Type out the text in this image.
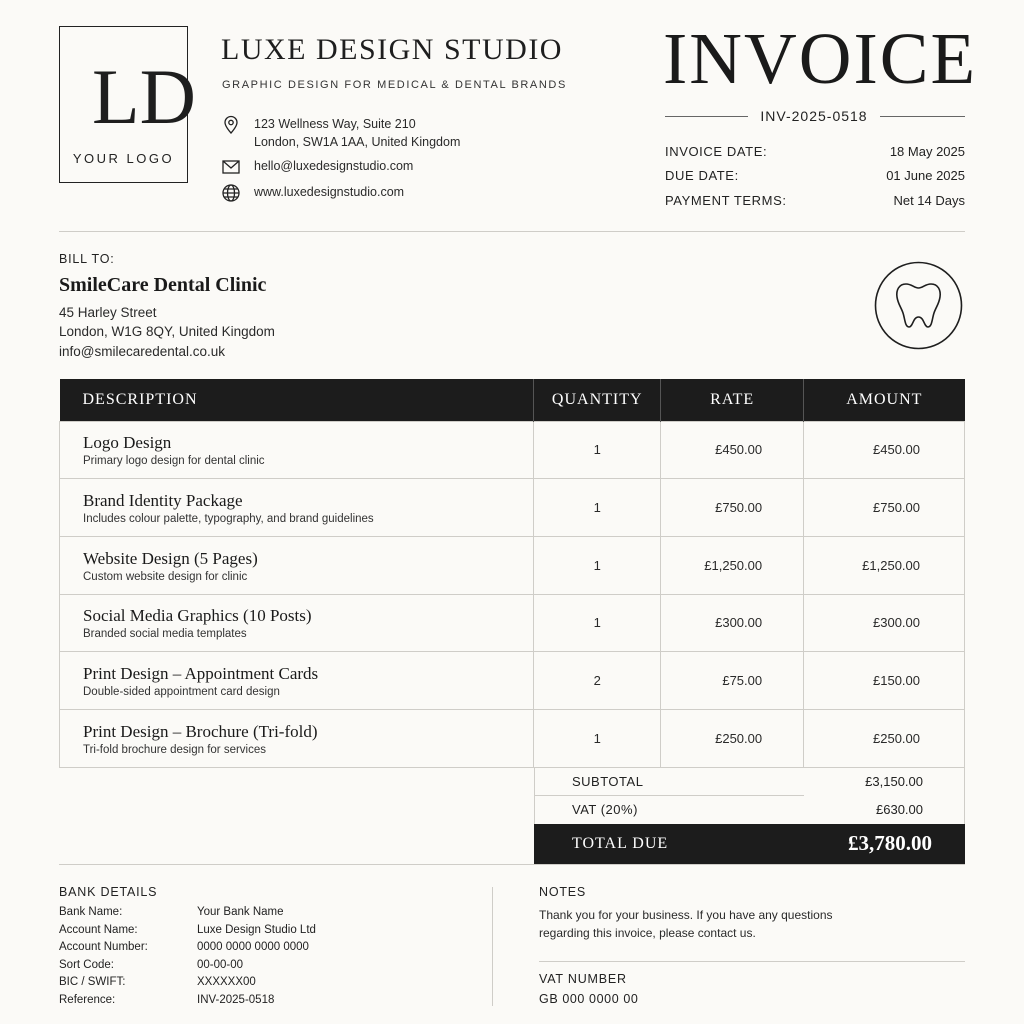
LD
YOUR LOGO
LUXE DESIGN STUDIO
GRAPHIC DESIGN FOR MEDICAL & DENTAL BRANDS
123 Wellness Way, Suite 210
London, SW1A 1AA, United Kingdom
hello@luxedesignstudio.com
www.luxedesignstudio.com
INVOICE
INV-2025-0518
INVOICE DATE:	18 May 2025
DUE DATE:	01 June 2025
PAYMENT TERMS:	Net 14 Days
BILL TO:
SmileCare Dental Clinic
45 Harley Street
London, W1G 8QY, United Kingdom
info@smilecaredental.co.uk
DESCRIPTION	QUANTITY	RATE	AMOUNT

Logo Design
Primary logo design for dental clinic	1	£450.00	£450.00

Brand Identity Package
Includes colour palette, typography, and brand guidelines	1	£750.00	£750.00

Website Design (5 Pages)
Custom website design for clinic	1	£1,250.00	£1,250.00

Social Media Graphics (10 Posts)
Branded social media templates	1	£300.00	£300.00

Print Design – Appointment Cards
Double-sided appointment card design	2	£75.00	£150.00

Print Design – Brochure (Tri-fold)
Tri-fold brochure design for services	1	£250.00	£250.00
SUBTOTAL	£3,150.00
VAT (20%)	£630.00
TOTAL DUE	£3,780.00
BANK DETAILS
Bank Name:	Your Bank Name
Account Name:	Luxe Design Studio Ltd
Account Number:	0000 0000 0000 0000
Sort Code:	00-00-00
BIC / SWIFT:	XXXXXX00
Reference:	INV-2025-0518
NOTES
Thank you for your business. If you have any questions regarding this invoice, please contact us.
VAT NUMBER
GB 000 0000 00
